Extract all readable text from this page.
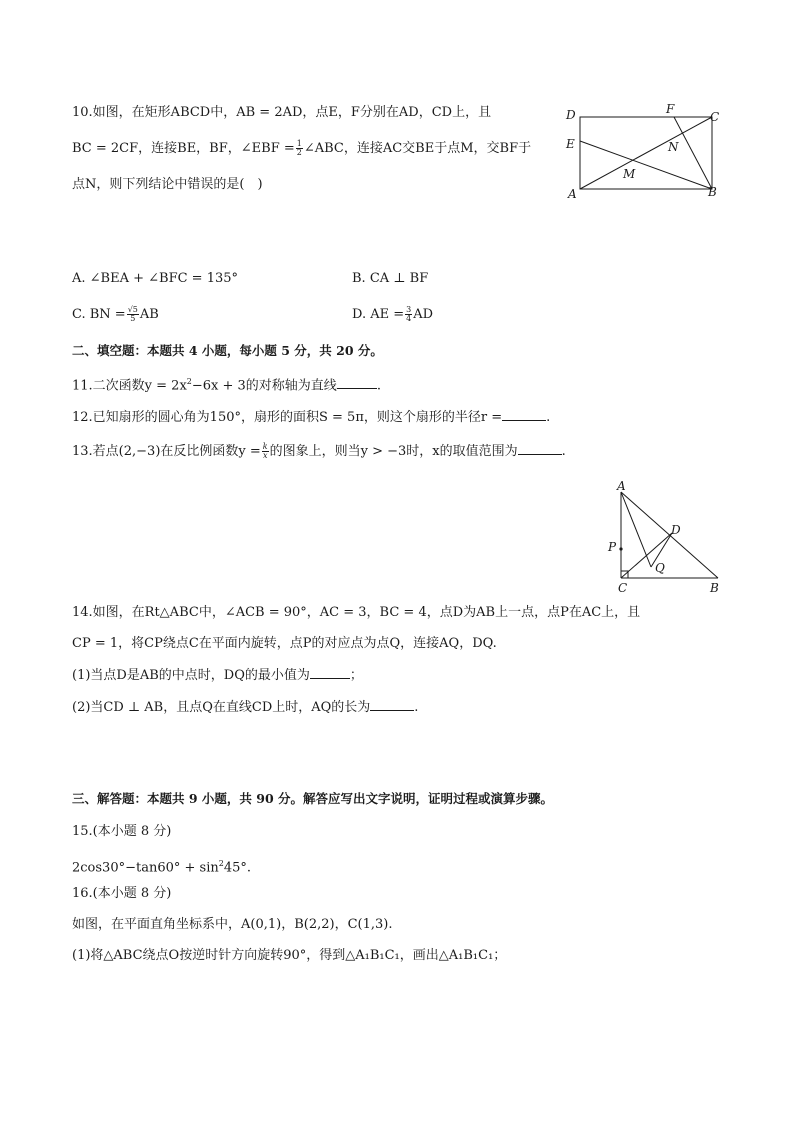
10.如图，在矩形ABCD中，AB = 2AD，点E，F分别在AD，CD上，且
BC = 2CF，连接BE，BF，∠EBF = $\frac{1}{2}$ ∠ABC，连接AC交BE于点M，交BF于
点N，则下列结论中错误的是(　)
D	F
C
E	N
M
A	B
A. ∠BEA + ∠BFC = 135°	B. CA ⊥ BF
C. BN = $\frac{√5}{5}$ AB	D. AE = $\frac{3}{4}$ AD
二、填空题：本题共 4 小题，每小题 5 分，共 20 分。
11.二次函数$y = 2x^2-6x + 3$的对称轴为直线	.
12.已知扇形的圆心角为150°，扇形的面积S = 5π，则这个扇形的半径r =	.
13.若点(2,−3)在反比例函数$y = \frac{k}{x}$ 的图象上，则当y > −3时，x的取值范围为	.
A
D
P
Q
C	B
14.如图，在Rt△ABC中，∠ACB = 90°，AC = 3，BC = 4，点D为AB上一点，点P在AC上，且
CP = 1，将CP绕点C在平面内旋转，点P的对应点为点Q，连接AQ，DQ.
(1)当点D是AB的中点时，DQ的最小值为	；
(2)当CD ⊥ AB，且点Q在直线CD上时，AQ的长为	.
三、解答题：本题共 9 小题，共 90 分。解答应写出文字说明，证明过程或演算步骤。
15.(本小题 8 分)
$2\cos 30^\circ-\tan 60^\circ + \sin^245^\circ$.
16.(本小题 8 分)
如图，在平面直角坐标系中，A(0,1)，B(2,2)，C(1,3).
(1)将△ABC绕点O按逆时针方向旋转90°，得到△A₁B₁C₁，画出△A₁B₁C₁；
